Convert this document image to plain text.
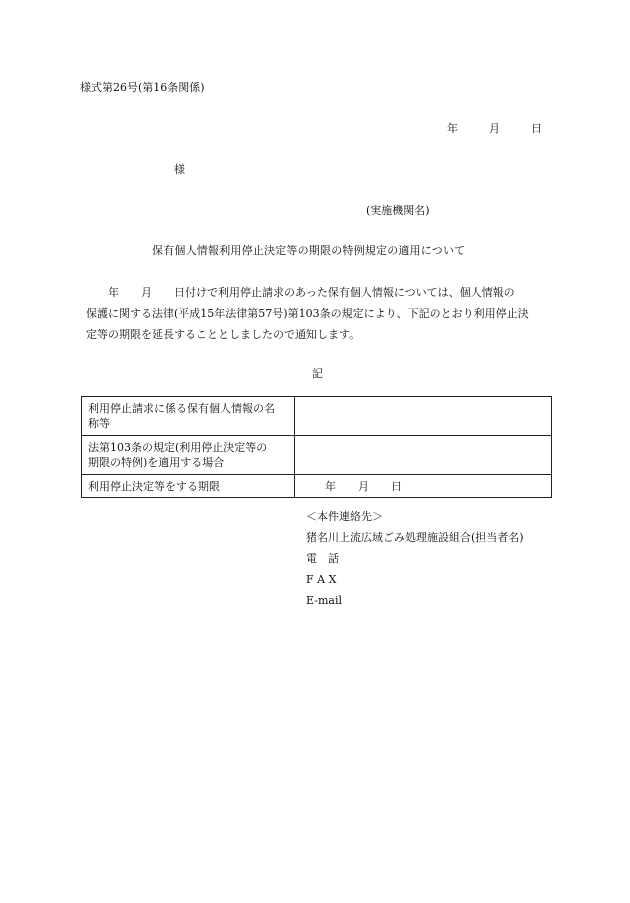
様式第26号(第16条関係)
年	月	日
様
(実施機関名)
保有個人情報利用停止決定等の期限の特例規定の適用について

　　年　　月　　日付けで利用停止請求のあった保有個人情報については、個人情報の

保護に関する法律(平成15年法律第57号)第103条の規定により、下記のとおり利用停止決

定等の期限を延長することとしましたので通知します。

記
利用停止請求に係る保有個人情報の名
称等	

法第103条の規定(利用停止決定等の
期限の特例)を適用する場合	

利用停止決定等をする期限	年　　月　　日
＜本件連絡先＞
猪名川上流広域ごみ処理施設組合(担当者名)
電　話
F A X
E-mail
